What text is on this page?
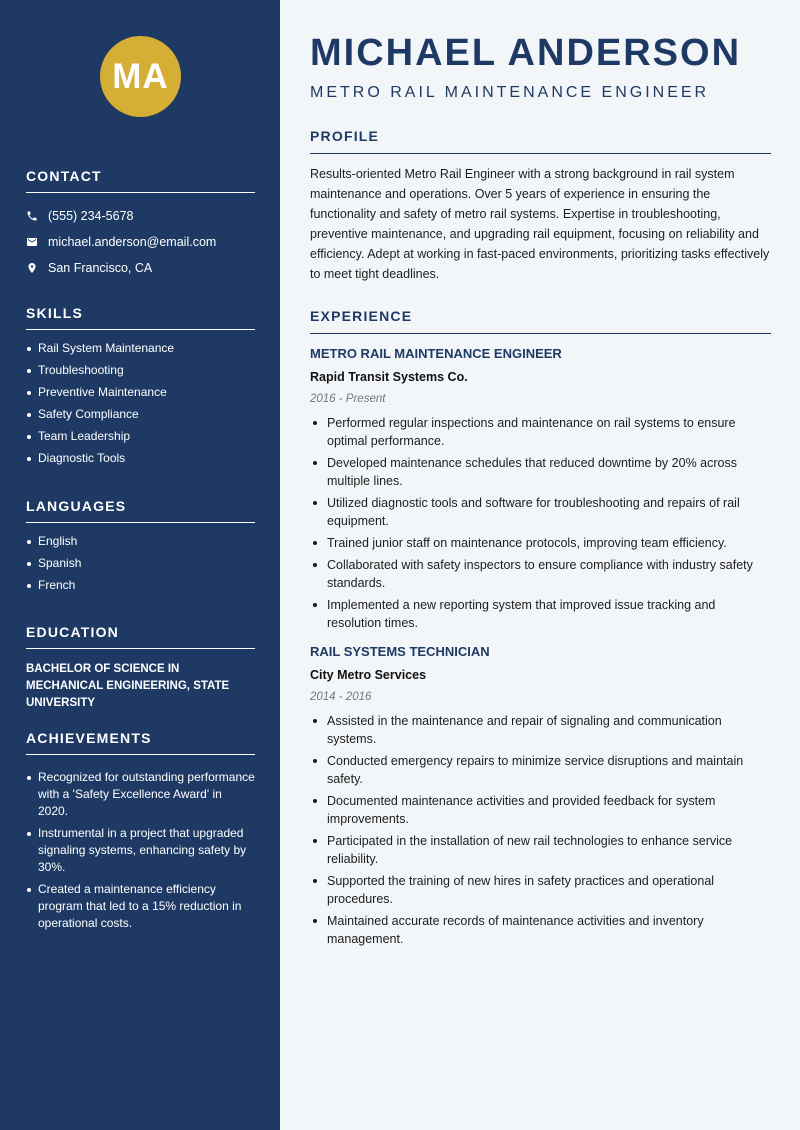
MA
CONTACT
(555) 234-5678
michael.anderson@email.com
San Francisco, CA
SKILLS
Rail System Maintenance
Troubleshooting
Preventive Maintenance
Safety Compliance
Team Leadership
Diagnostic Tools
LANGUAGES
English
Spanish
French
EDUCATION
BACHELOR OF SCIENCE IN MECHANICAL ENGINEERING, STATE UNIVERSITY
ACHIEVEMENTS
Recognized for outstanding performance with a 'Safety Excellence Award' in 2020.
Instrumental in a project that upgraded signaling systems, enhancing safety by 30%.
Created a maintenance efficiency program that led to a 15% reduction in operational costs.
MICHAEL ANDERSON
METRO RAIL MAINTENANCE ENGINEER
PROFILE

Results-oriented Metro Rail Engineer with a strong background in rail system maintenance and operations. Over 5 years of experience in ensuring the functionality and safety of metro rail systems. Expertise in troubleshooting, preventive maintenance, and upgrading rail equipment, focusing on reliability and efficiency. Adept at working in fast-paced environments, prioritizing tasks effectively to meet tight deadlines.

EXPERIENCE
METRO RAIL MAINTENANCE ENGINEER
Rapid Transit Systems Co.
2016 - Present
Performed regular inspections and maintenance on rail systems to ensure optimal performance.
Developed maintenance schedules that reduced downtime by 20% across multiple lines.
Utilized diagnostic tools and software for troubleshooting and repairs of rail equipment.
Trained junior staff on maintenance protocols, improving team efficiency.
Collaborated with safety inspectors to ensure compliance with industry safety standards.
Implemented a new reporting system that improved issue tracking and resolution times.
RAIL SYSTEMS TECHNICIAN
City Metro Services
2014 - 2016
Assisted in the maintenance and repair of signaling and communication systems.
Conducted emergency repairs to minimize service disruptions and maintain safety.
Documented maintenance activities and provided feedback for system improvements.
Participated in the installation of new rail technologies to enhance service reliability.
Supported the training of new hires in safety practices and operational procedures.
Maintained accurate records of maintenance activities and inventory management.
